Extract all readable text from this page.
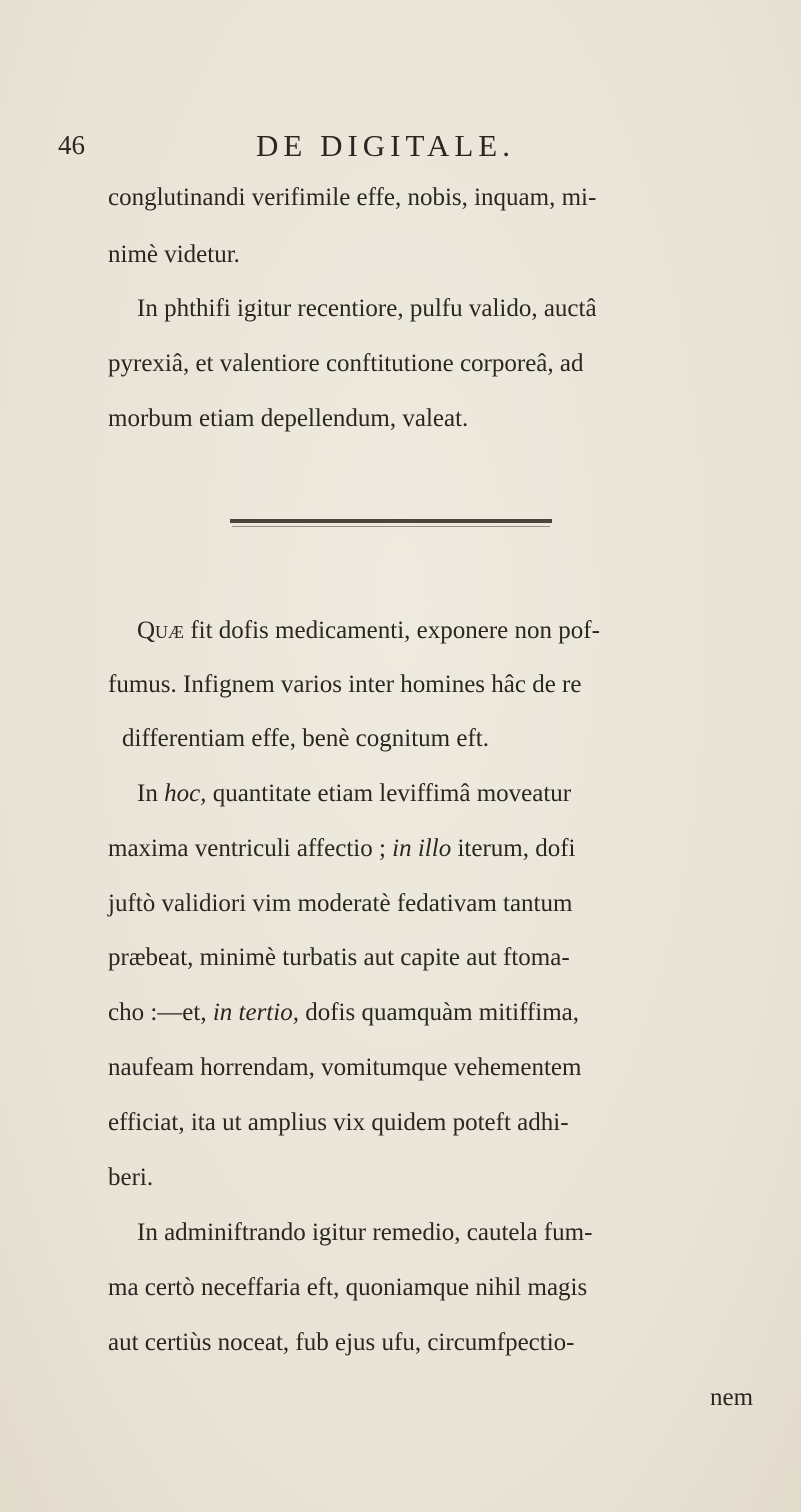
46	DE DIGITALE.
conglutinandi verifimile effe, nobis, inquam, mi-
nimè videtur.
In phthifi igitur recentiore, pulfu valido, auctâ
pyrexiâ, et valentiore conftitutione corporeâ, ad
morbum etiam depellendum, valeat.
Quæ fit dofis medicamenti, exponere non pof-
fumus. Infignem varios inter homines hâc de re
differentiam effe, benè cognitum eft.
In hoc, quantitate etiam leviffimâ moveatur
maxima ventriculi affectio ; in illo iterum, dofi
juftò validiori vim moderatè fedativam tantum
præbeat, minimè turbatis aut capite aut ftoma-
cho :—et, in tertio, dofis quamquàm mitiffima,
naufeam horrendam, vomitumque vehementem
efficiat, ita ut amplius vix quidem poteft adhi-
beri.
In adminiftrando igitur remedio, cautela fum-
ma certò neceffaria eft, quoniamque nihil magis
aut certiùs noceat, fub ejus ufu, circumfpectio-
nem
